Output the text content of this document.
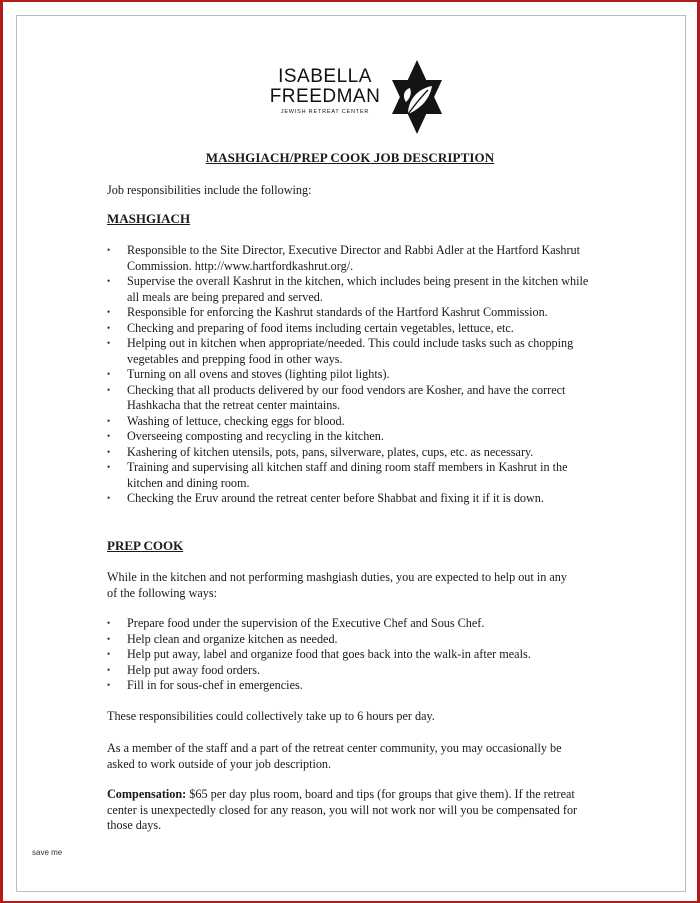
ISABELLA
FREEDMAN
JEWISH RETREAT CENTER
MASHGIACH/PREP COOK JOB DESCRIPTION

Job responsibilities include the following:

MASHGIACH
• Responsible to the Site Director, Executive Director and Rabbi Adler at the Hartford Kashrut Commission. http://www.hartfordkashrut.org/.
• Supervise the overall Kashrut in the kitchen, which includes being present in the kitchen while all meals are being prepared and served.
• Responsible for enforcing the Kashrut standards of the Hartford Kashrut Commission.
• Checking and preparing of food items including certain vegetables, lettuce, etc.
• Helping out in kitchen when appropriate/needed. This could include tasks such as chopping vegetables and prepping food in other ways.
• Turning on all ovens and stoves (lighting pilot lights).
• Checking that all products delivered by our food vendors are Kosher, and have the correct Hashkacha that the retreat center maintains.
• Washing of lettuce, checking eggs for blood.
• Overseeing composting and recycling in the kitchen.
• Kashering of kitchen utensils, pots, pans, silverware, plates, cups, etc. as necessary.
• Training and supervising all kitchen staff and dining room staff members in Kashrut in the kitchen and dining room.
• Checking the Eruv around the retreat center before Shabbat and fixing it if it is down.
PREP COOK

While in the kitchen and not performing mashgiash duties, you are expected to help out in any of the following ways:

• Prepare food under the supervision of the Executive Chef and Sous Chef.
• Help clean and organize kitchen as needed.
• Help put away, label and organize food that goes back into the walk-in after meals.
• Help put away food orders.
• Fill in for sous-chef in emergencies.

These responsibilities could collectively take up to 6 hours per day.

As a member of the staff and a part of the retreat center community, you may occasionally be asked to work outside of your job description.

Compensation: $65 per day plus room, board and tips (for groups that give them). If the retreat center is unexpectedly closed for any reason, you will not work nor will you be compensated for those days.

save me
